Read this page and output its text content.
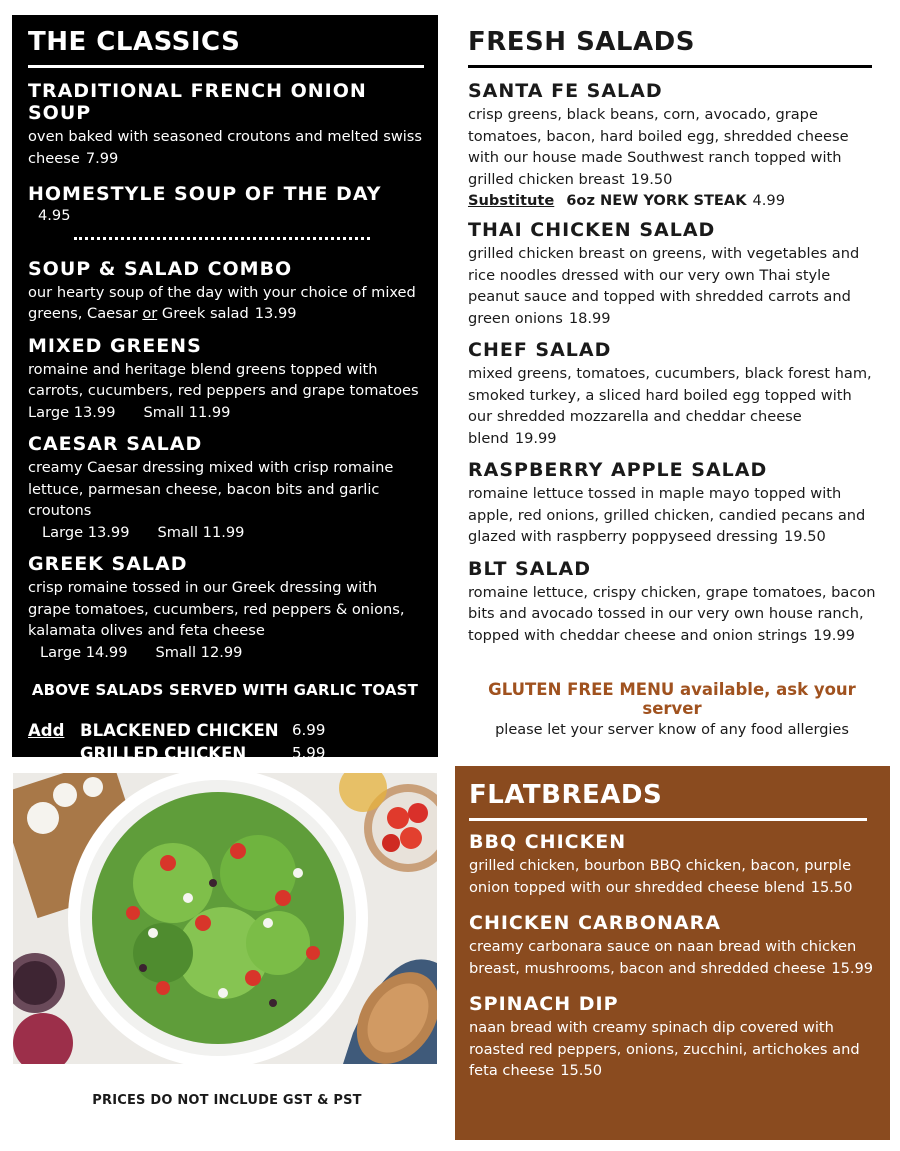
THE CLASSICS
TRADITIONAL FRENCH ONION SOUP
oven baked with seasoned croutons and melted swiss cheese 7.99
HOMESTYLE SOUP OF THE DAY 4.95
SOUP & SALAD COMBO
our hearty soup of the day with your choice of mixed greens, Caesar or Greek salad 13.99
MIXED GREENS
romaine and heritage blend greens topped with carrots, cucumbers, red peppers and grape tomatoes
Large 13.99 Small 11.99
CAESAR SALAD
creamy Caesar dressing mixed with crisp romaine lettuce, parmesan cheese, bacon bits and garlic croutonsLarge 13.99 Small 11.99
GREEK SALAD
crisp romaine tossed in our Greek dressing with grape tomatoes, cucumbers, red peppers & onions, kalamata olives and feta cheeseLarge 14.99 Small 12.99
ABOVE SALADS SERVED WITH GARLIC TOAST
Add BLACKENED CHICKEN 6.99
GRILLED CHICKEN	5.99
FRESH SALADS
SANTA FE SALAD
crisp greens, black beans, corn, avocado, grape tomatoes, bacon, hard boiled egg, shredded cheese with our house made Southwest ranch topped with grilled chicken breast 19.50
Substitute 6oz NEW YORK STEAK 4.99
THAI CHICKEN SALAD
grilled chicken breast on greens, with vegetables and rice noodles dressed with our very own Thai style peanut sauce and topped with shredded carrots and green onions 18.99
CHEF SALAD
mixed greens, tomatoes, cucumbers, black forest ham, smoked turkey, a sliced hard boiled egg topped with our shredded mozzarella and cheddar cheese blend 19.99
RASPBERRY APPLE SALAD
romaine lettuce tossed in maple mayo topped with apple, red onions, grilled chicken, candied pecans and glazed with raspberry poppyseed dressing 19.50
BLT SALAD
romaine lettuce, crispy chicken, grape tomatoes, bacon bits and avocado tossed in our very own house ranch, topped with cheddar cheese and onion strings 19.99
GLUTEN FREE MENU available, ask your server
please let your server know of any food allergies
PRICES DO NOT INCLUDE GST & PST
FLATBREADS
BBQ CHICKEN
grilled chicken, bourbon BBQ chicken, bacon, purple onion topped with our shredded cheese blend 15.50
CHICKEN CARBONARA
creamy carbonara sauce on naan bread with chicken breast, mushrooms, bacon and shredded cheese 15.99
SPINACH DIP
naan bread with creamy spinach dip covered with roasted red peppers, onions, zucchini, artichokes and feta cheese 15.50
